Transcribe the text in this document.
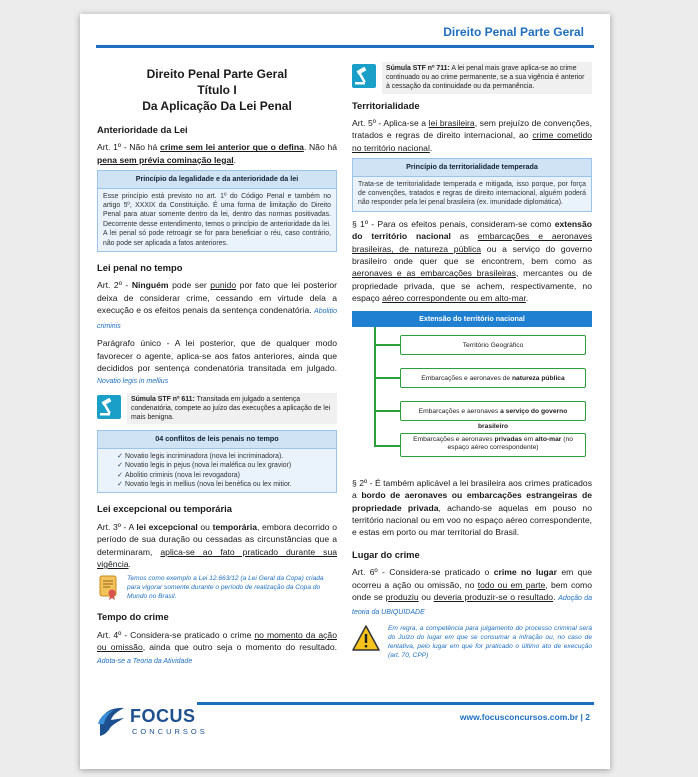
Direito Penal Parte Geral
Direito Penal Parte Geral
Título I
Da Aplicação Da Lei Penal
Anterioridade da Lei

Art. 1º - Não há crime sem lei anterior que o defina. Não há pena sem prévia cominação legal.

Princípio da legalidade e da anterioridade da lei
Esse princípio está previsto no art. 1º do Código Penal e também no artigo 5º, XXXIX da Constituição. É uma forma de limitação do Direito Penal para atuar somente dentro da lei, dentro das normas positivadas. Decorrente desse entendimento, temos o princípio de anterioridade da lei. A lei penal só pode retroagir se for para beneficiar o réu, caso contrário, não pode ser aplicada a fatos anteriores.
Lei penal no tempo

Art. 2º - Ninguém pode ser punido por fato que lei posterior deixa de considerar crime, cessando em virtude dela a execução e os efeitos penais da sentença condenatória. Abolitio criminis

Parágrafo único - A lei posterior, que de qualquer modo favorecer o agente, aplica-se aos fatos anteriores, ainda que decididos por sentença condenatória transitada em julgado. Novatio legis in mellius

Súmula STF nº 611: Transitada em julgado a sentença condenatória, compete ao juízo das execuções a aplicação de lei mais benigna.
04 conflitos de leis penais no tempo
✓ Novatio legis incriminadora (nova lei incriminadora).
✓ Novatio legis in pejus (nova lei maléfica ou lex gravior)
✓ Abolitio criminis (nova lei revogadora)
✓ Novatio legis in mellius (nova lei benéfica ou lex mitior.
Lei excepcional ou temporária

Art. 3º - A lei excepcional ou temporária, embora decorrido o período de sua duração ou cessadas as circunstâncias que a determinaram, aplica-se ao fato praticado durante sua vigência.

Temos como exemplo a Lei 12.663/12 (a Lei Geral da Copa) criada para vigorar somente durante o período de realização da Copa do Mundo no Brasil.
Tempo do crime

Art. 4º - Considera-se praticado o crime no momento da ação ou omissão, ainda que outro seja o momento do resultado. Adota-se a Teoria da Atividade

Súmula STF nº 711: A lei penal mais grave aplica-se ao crime continuado ou ao crime permanente, se a sua vigência é anterior à cessação da continuidade ou da permanência.
Territorialidade

Art. 5º - Aplica-se a lei brasileira, sem prejuízo de convenções, tratados e regras de direito internacional, ao crime cometido no território nacional.

Princípio da territorialidade temperada
Trata-se de territorialidade temperada e mitigada, isso porque, por força de convenções, tratados e regras de direito internacional, alguém poderá não responder pela lei penal brasileira (ex. imunidade diplomática).

§ 1º - Para os efeitos penais, consideram-se como extensão do território nacional as embarcações e aeronaves brasileiras, de natureza pública ou a serviço do governo brasileiro onde quer que se encontrem, bem como as aeronaves e as embarcações brasileiras, mercantes ou de propriedade privada, que se achem, respectivamente, no espaço aéreo correspondente ou em alto-mar.

Extensão do território nacional
Território Geográfico
Embarcações e aeronaves de natureza pública
Embarcações e aeronaves a serviço do governo brasileiro
Embarcações e aeronaves privadas em alto-mar (no espaço aéreo correspondente)

§ 2º - É também aplicável a lei brasileira aos crimes praticados a bordo de aeronaves ou embarcações estrangeiras de propriedade privada, achando-se aquelas em pouso no território nacional ou em voo no espaço aéreo correspondente, e estas em porto ou mar territorial do Brasil.

Lugar do crime

Art. 6º - Considera-se praticado o crime no lugar em que ocorreu a ação ou omissão, no todo ou em parte, bem como onde se produziu ou deveria produzir-se o resultado. Adoção da teoria da UBIQUIDADE

Em regra, a competência para julgamento do processo criminal será do Juízo do lugar em que se consumar a infração ou, no caso de tentativa, pelo lugar em que for praticado o último ato de execução (art. 70, CPP)
FOCUS
CONCURSOS
www.focusconcursos.com.br | 2
